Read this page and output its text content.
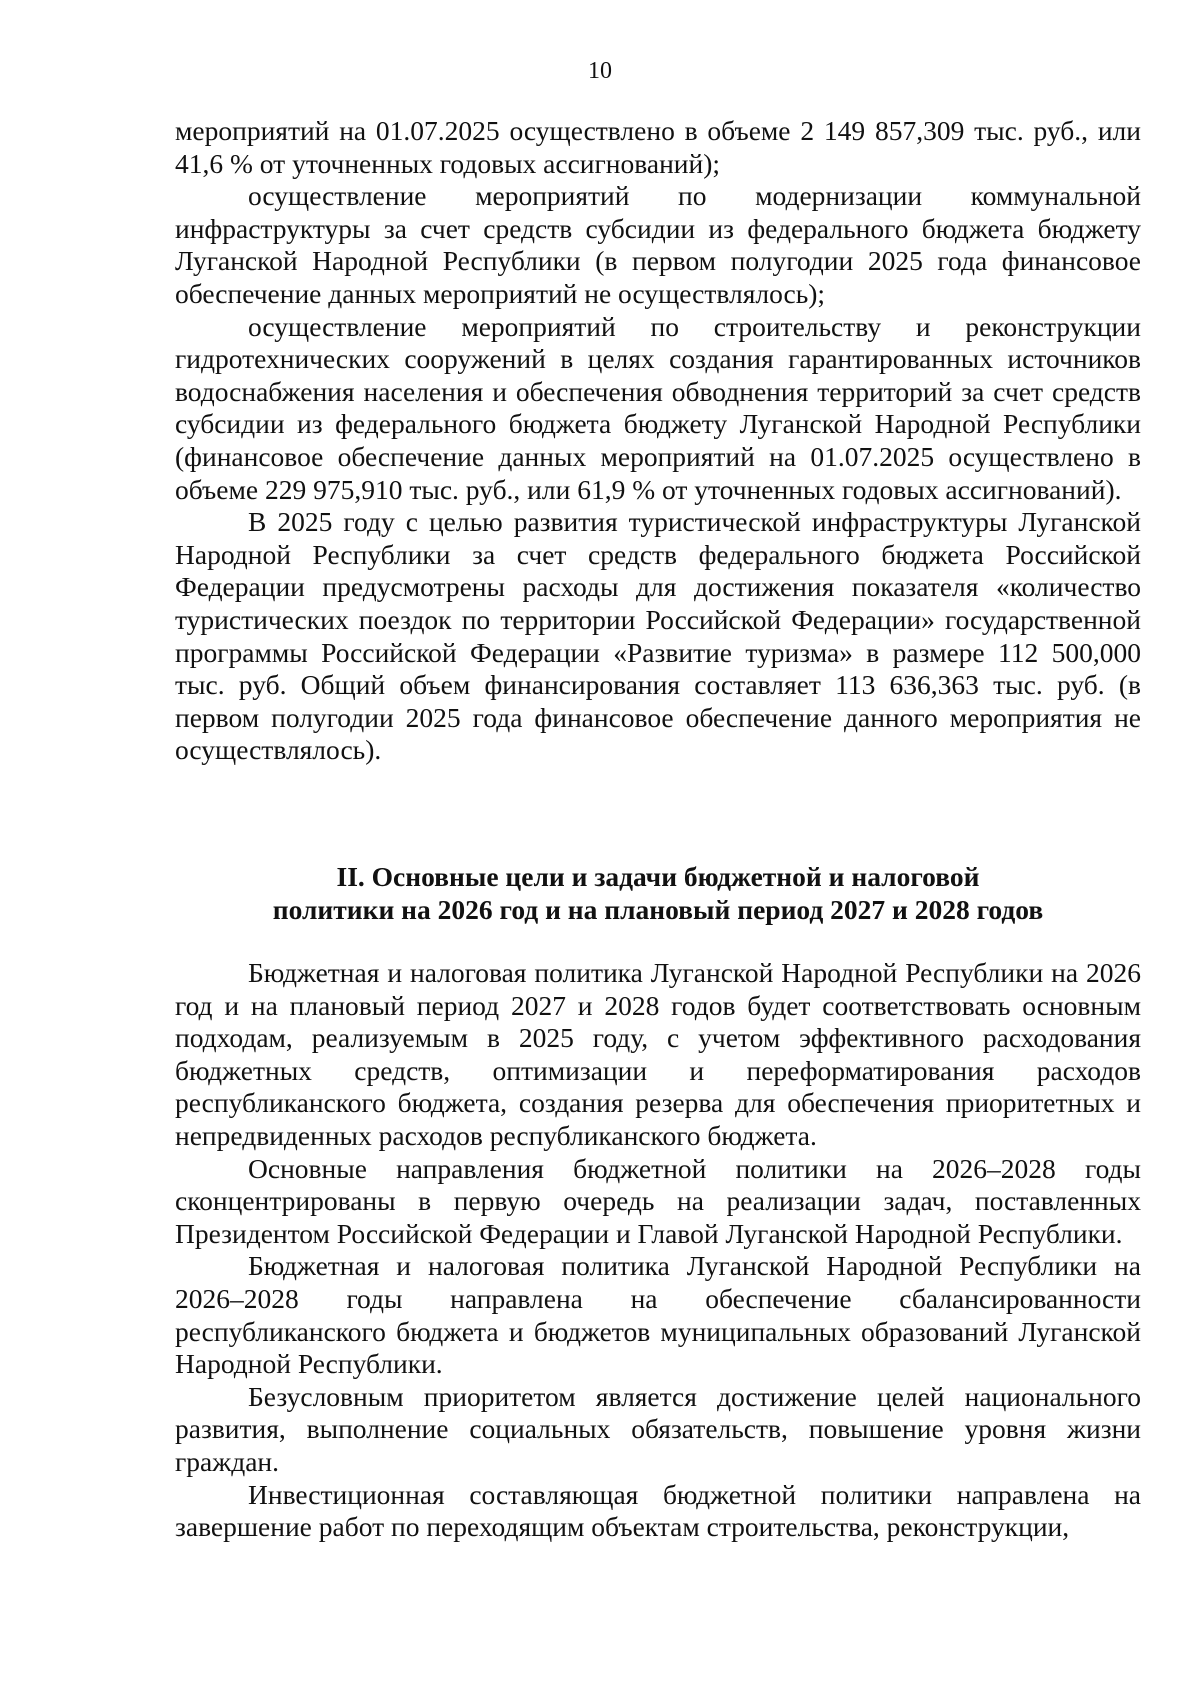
10

мероприятий на 01.07.2025 осуществлено в объеме 2 149 857,309 тыс. руб., или 41,6 % от уточненных годовых ассигнований);

осуществление мероприятий по модернизации коммунальной инфраструктуры за счет средств субсидии из федерального бюджета бюджету Луганской Народной Республики (в первом полугодии 2025 года финансовое обеспечение данных мероприятий не осуществлялось);

осуществление мероприятий по строительству и реконструкции гидротехнических сооружений в целях создания гарантированных источников водоснабжения населения и обеспечения обводнения территорий за счет средств субсидии из федерального бюджета бюджету Луганской Народной Республики (финансовое обеспечение данных мероприятий на 01.07.2025 осуществлено в объеме 229 975,910 тыс. руб., или 61,9 % от уточненных годовых ассигнований).

В 2025 году с целью развития туристической инфраструктуры Луганской Народной Республики за счет средств федерального бюджета Российской Федерации предусмотрены расходы для достижения показателя «количество туристических поездок по территории Российской Федерации» государственной программы Российской Федерации «Развитие туризма» в размере 112 500,000 тыс. руб. Общий объем финансирования составляет 113 636,363 тыс. руб. (в первом полугодии 2025 года финансовое обеспечение данного мероприятия не осуществлялось).

II. Основные цели и задачи бюджетной и налоговой
политики на 2026 год и на плановый период 2027 и 2028 годов

Бюджетная и налоговая политика Луганской Народной Республики на 2026 год и на плановый период 2027 и 2028 годов будет соответствовать основным подходам, реализуемым в 2025 году, с учетом эффективного расходования бюджетных средств, оптимизации и переформатирования расходов республиканского бюджета, создания резерва для обеспечения приоритетных и непредвиденных расходов республиканского бюджета.

Основные направления бюджетной политики на 2026–2028 годы сконцентрированы в первую очередь на реализации задач, поставленных Президентом Российской Федерации и Главой Луганской Народной Республики.

Бюджетная и налоговая политика Луганской Народной Республики на 2026–2028 годы направлена на обеспечение сбалансированности республиканского бюджета и бюджетов муниципальных образований Луганской Народной Республики.

Безусловным приоритетом является достижение целей национального развития, выполнение социальных обязательств, повышение уровня жизни граждан.

Инвестиционная составляющая бюджетной политики направлена на завершение работ по переходящим объектам строительства, реконструкции,
